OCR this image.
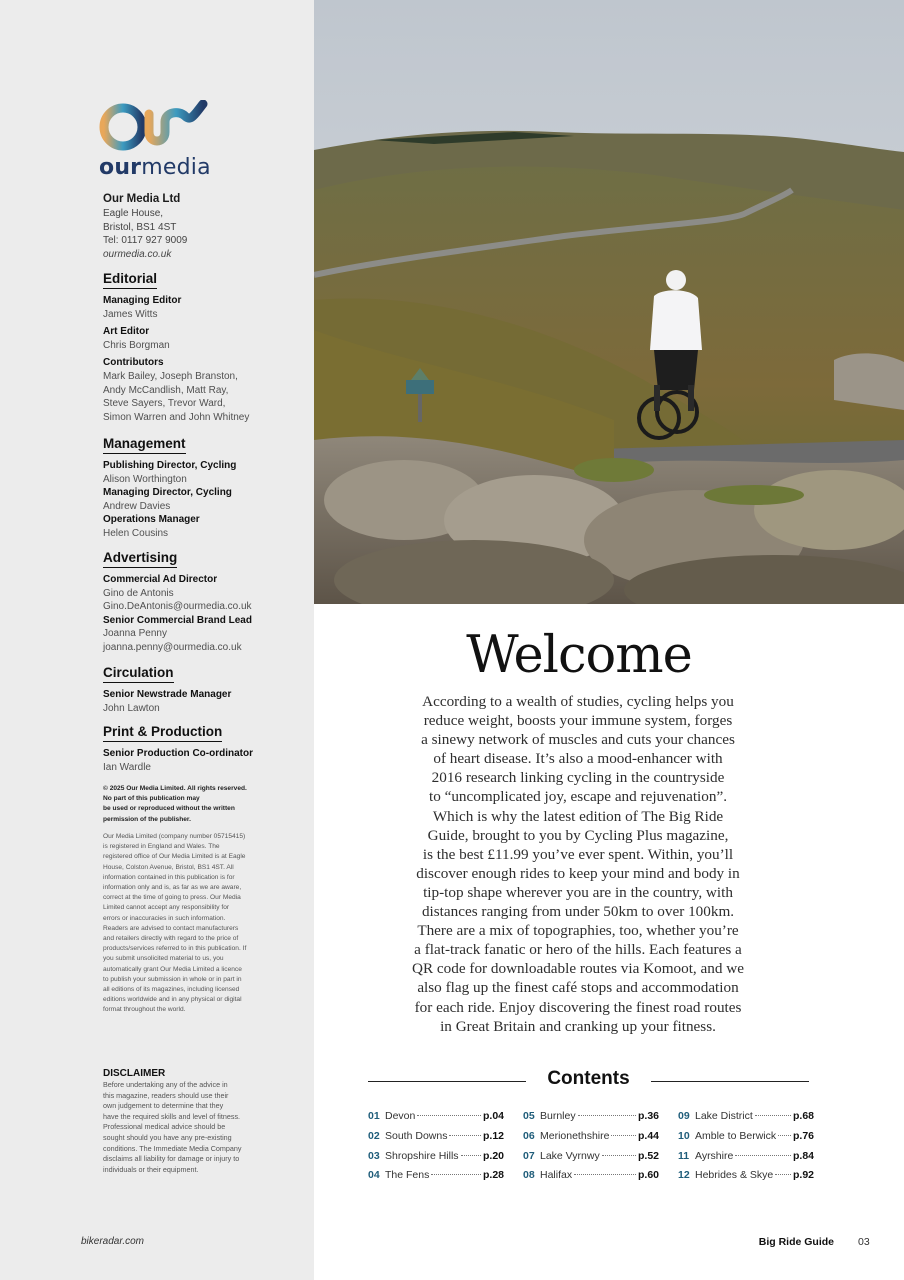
ourmedia
Our Media Ltd
Eagle House,
Bristol, BS1 4ST
Tel: 0117 927 9009
ourmedia.co.uk
Editorial
Managing Editor
James Witts
Art Editor
Chris Borgman
Contributors
Mark Bailey, Joseph Branston,
Andy McCandlish, Matt Ray,
Steve Sayers, Trevor Ward,
Simon Warren and John Whitney
Management
Publishing Director, Cycling
Alison Worthington
Managing Director, Cycling
Andrew Davies
Operations Manager
Helen Cousins
Advertising
Commercial Ad Director
Gino de Antonis
Gino.DeAntonis@ourmedia.co.uk
Senior Commercial Brand Lead
Joanna Penny
joanna.penny@ourmedia.co.uk
Circulation
Senior Newstrade Manager
John Lawton
Print & Production
Senior Production Co-ordinator
Ian Wardle
© 2025 Our Media Limited. All rights reserved.
No part of this publication may
be used or reproduced without the written
permission of the publisher.
Our Media Limited (company number 05715415)
is registered in England and Wales. The
registered office of Our Media Limited is at Eagle
House, Colston Avenue, Bristol, BS1 4ST. All
information contained in this publication is for
information only and is, as far as we are aware,
correct at the time of going to press. Our Media
Limited cannot accept any responsibility for
errors or inaccuracies in such information.
Readers are advised to contact manufacturers
and retailers directly with regard to the price of
products/services referred to in this publication. If
you submit unsolicited material to us, you
automatically grant Our Media Limited a licence
to publish your submission in whole or in part in
all editions of its magazines, including licensed
editions worldwide and in any physical or digital
format throughout the world.
DISCLAIMER
Before undertaking any of the advice in
this magazine, readers should use their
own judgement to determine that they
have the required skills and level of fitness.
Professional medical advice should be
sought should you have any pre-existing
conditions. The Immediate Media Company
disclaims all liability for damage or injury to
individuals or their equipment.
bikeradar.com
Welcome
According to a wealth of studies, cycling helps you
reduce weight, boosts your immune system, forges
a sinewy network of muscles and cuts your chances
of heart disease. It’s also a mood-enhancer with
2016 research linking cycling in the countryside
to “uncomplicated joy, escape and rejuvenation”.
Which is why the latest edition of The Big Ride
Guide, brought to you by Cycling Plus magazine,
is the best £11.99 you’ve ever spent. Within, you’ll
discover enough rides to keep your mind and body in
tip-top shape wherever you are in the country, with
distances ranging from under 50km to over 100km.
There are a mix of topographies, too, whether you’re
a flat-track fanatic or hero of the hills. Each features a
QR code for downloadable routes via Komoot, and we
also flag up the finest café stops and accommodation
for each ride. Enjoy discovering the finest road routes
in Great Britain and cranking up your fitness.
Contents
01 Devon	p.04
02 South Downs	p.12
03 Shropshire Hills p.20
04 The Fens	p.28
05 Burnley	p.36
06 Merionethshire	p.44
07 Lake Vyrnwy	p.52
08 Halifax	p.60
09 Lake District	p.68
10 Amble to Berwick p.76
11 Ayrshire	p.84
12 Hebrides & Skye p.92
Big Ride Guide 03
